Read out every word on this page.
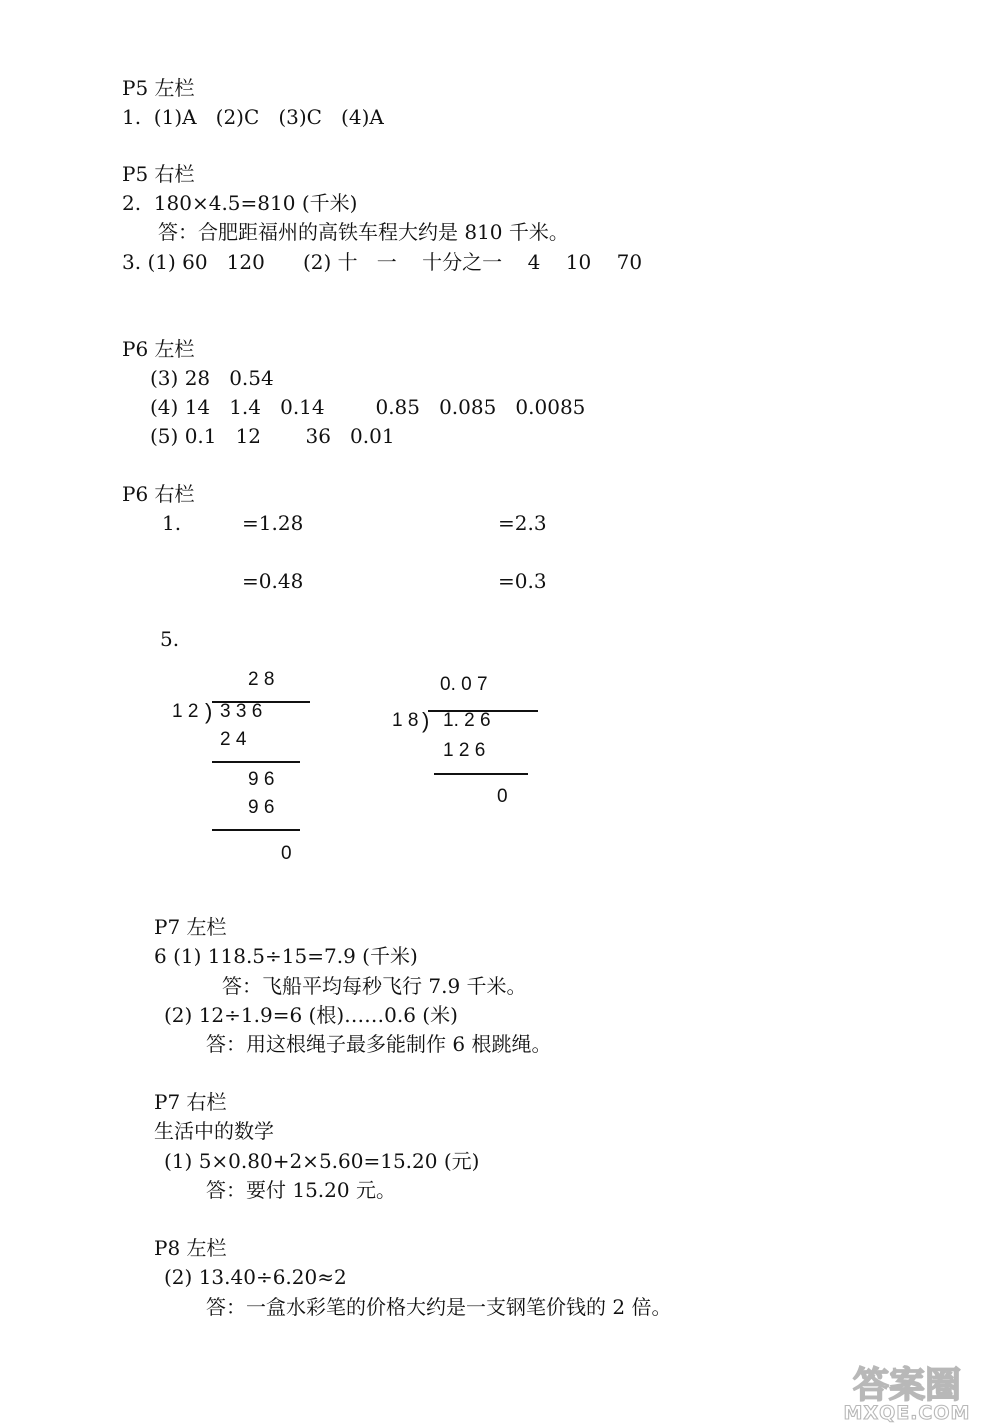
P5 左栏
1.  (1)A   (2)C   (3)C   (4)A
P5 右栏
2.  180×4.5=810 (千米)
答：合肥距福州的高铁车程大约是 810 千米。
3. (1) 60   120      (2) 十   一    十分之一    4    10    70
P6 左栏
(3) 28   0.54
(4) 14   1.4   0.14        0.85   0.085   0.0085
(5) 0.1   12       36   0.01
P6 右栏
1.	=1.28	=2.3
=0.48	=0.3
5.
2 8
1 2 ) 3 3 6
2 4
9 6
9 6
0
0. 0 7
1 8 ) 1. 2 6
1 2 6
0
P7 左栏
6 (1) 118.5÷15=7.9 (千米)
答：飞船平均每秒飞行 7.9 千米。
(2) 12÷1.9=6 (根)……0.6 (米)
答：用这根绳子最多能制作 6 根跳绳。
P7 右栏
生活中的数学
(1) 5×0.80+2×5.60=15.20 (元)
答：要付 15.20 元。
P8 左栏
(2) 13.40÷6.20≈2
答：一盒水彩笔的价格大约是一支钢笔价钱的 2 倍。
答案圈
MXQE.COM
